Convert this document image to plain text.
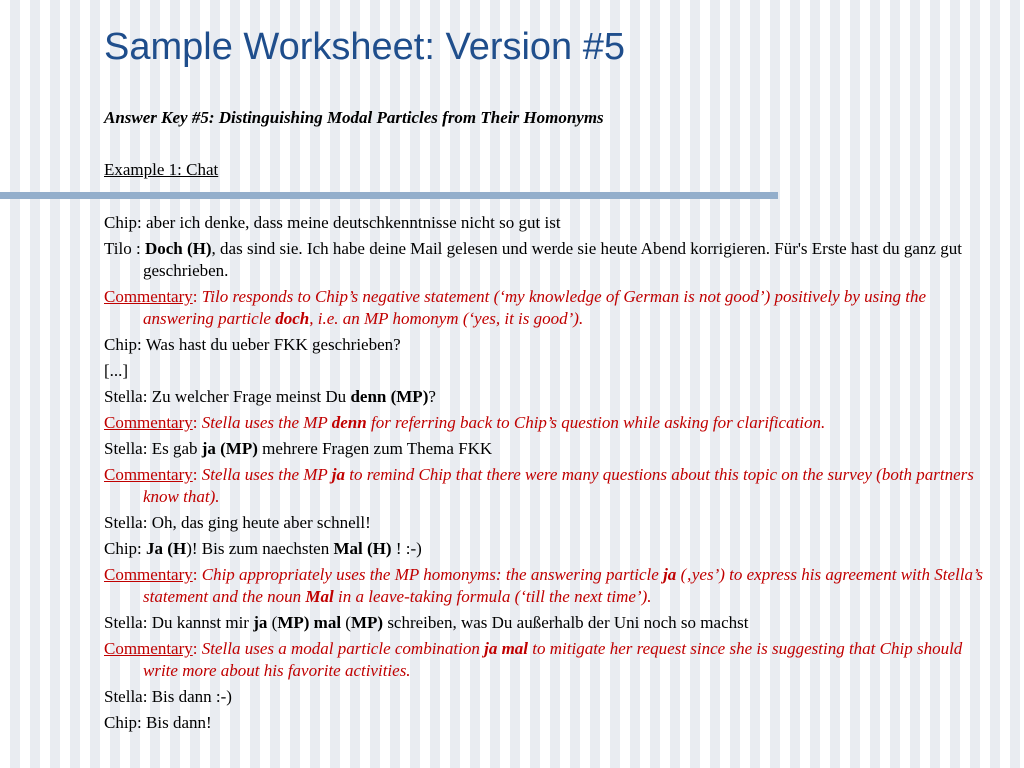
Sample Worksheet: Version #5
Answer Key #5: Distinguishing Modal Particles from Their Homonyms
Example 1: Chat
Chip: aber ich denke, dass meine deutschkenntnisse nicht so gut ist
Tilo : Doch (H), das sind sie. Ich habe deine Mail gelesen und werde sie heute Abend korrigieren. Für's Erste hast du ganz gut geschrieben.
Commentary: Tilo responds to Chip’s negative statement (‘my knowledge of German is not good’) positively by using the answering particle doch, i.e. an MP homonym (‘yes, it is good’).
Chip: Was hast du ueber FKK geschrieben?
[...]
Stella: Zu welcher Frage meinst Du denn (MP)?
Commentary: Stella uses the MP denn for referring back to Chip’s question while asking for clarification.
Stella: Es gab ja (MP) mehrere Fragen zum Thema FKK
Commentary: Stella uses the MP ja to remind Chip that there were many questions about this topic on the survey (both partners know that).
Stella: Oh, das ging heute aber schnell!
Chip: Ja (H)! Bis zum naechsten Mal (H) ! :-)
Commentary: Chip appropriately uses the MP homonyms: the answering particle ja (‚yes’) to express his agreement with Stella’s statement and the noun Mal in a leave-taking formula (‘till the next time’).
Stella: Du kannst mir ja (MP) mal (MP) schreiben, was Du außerhalb der Uni noch so machst
Commentary: Stella uses a modal particle combination ja mal to mitigate her request since she is suggesting that Chip should write more about his favorite activities.
Stella: Bis dann :-)
Chip: Bis dann!
